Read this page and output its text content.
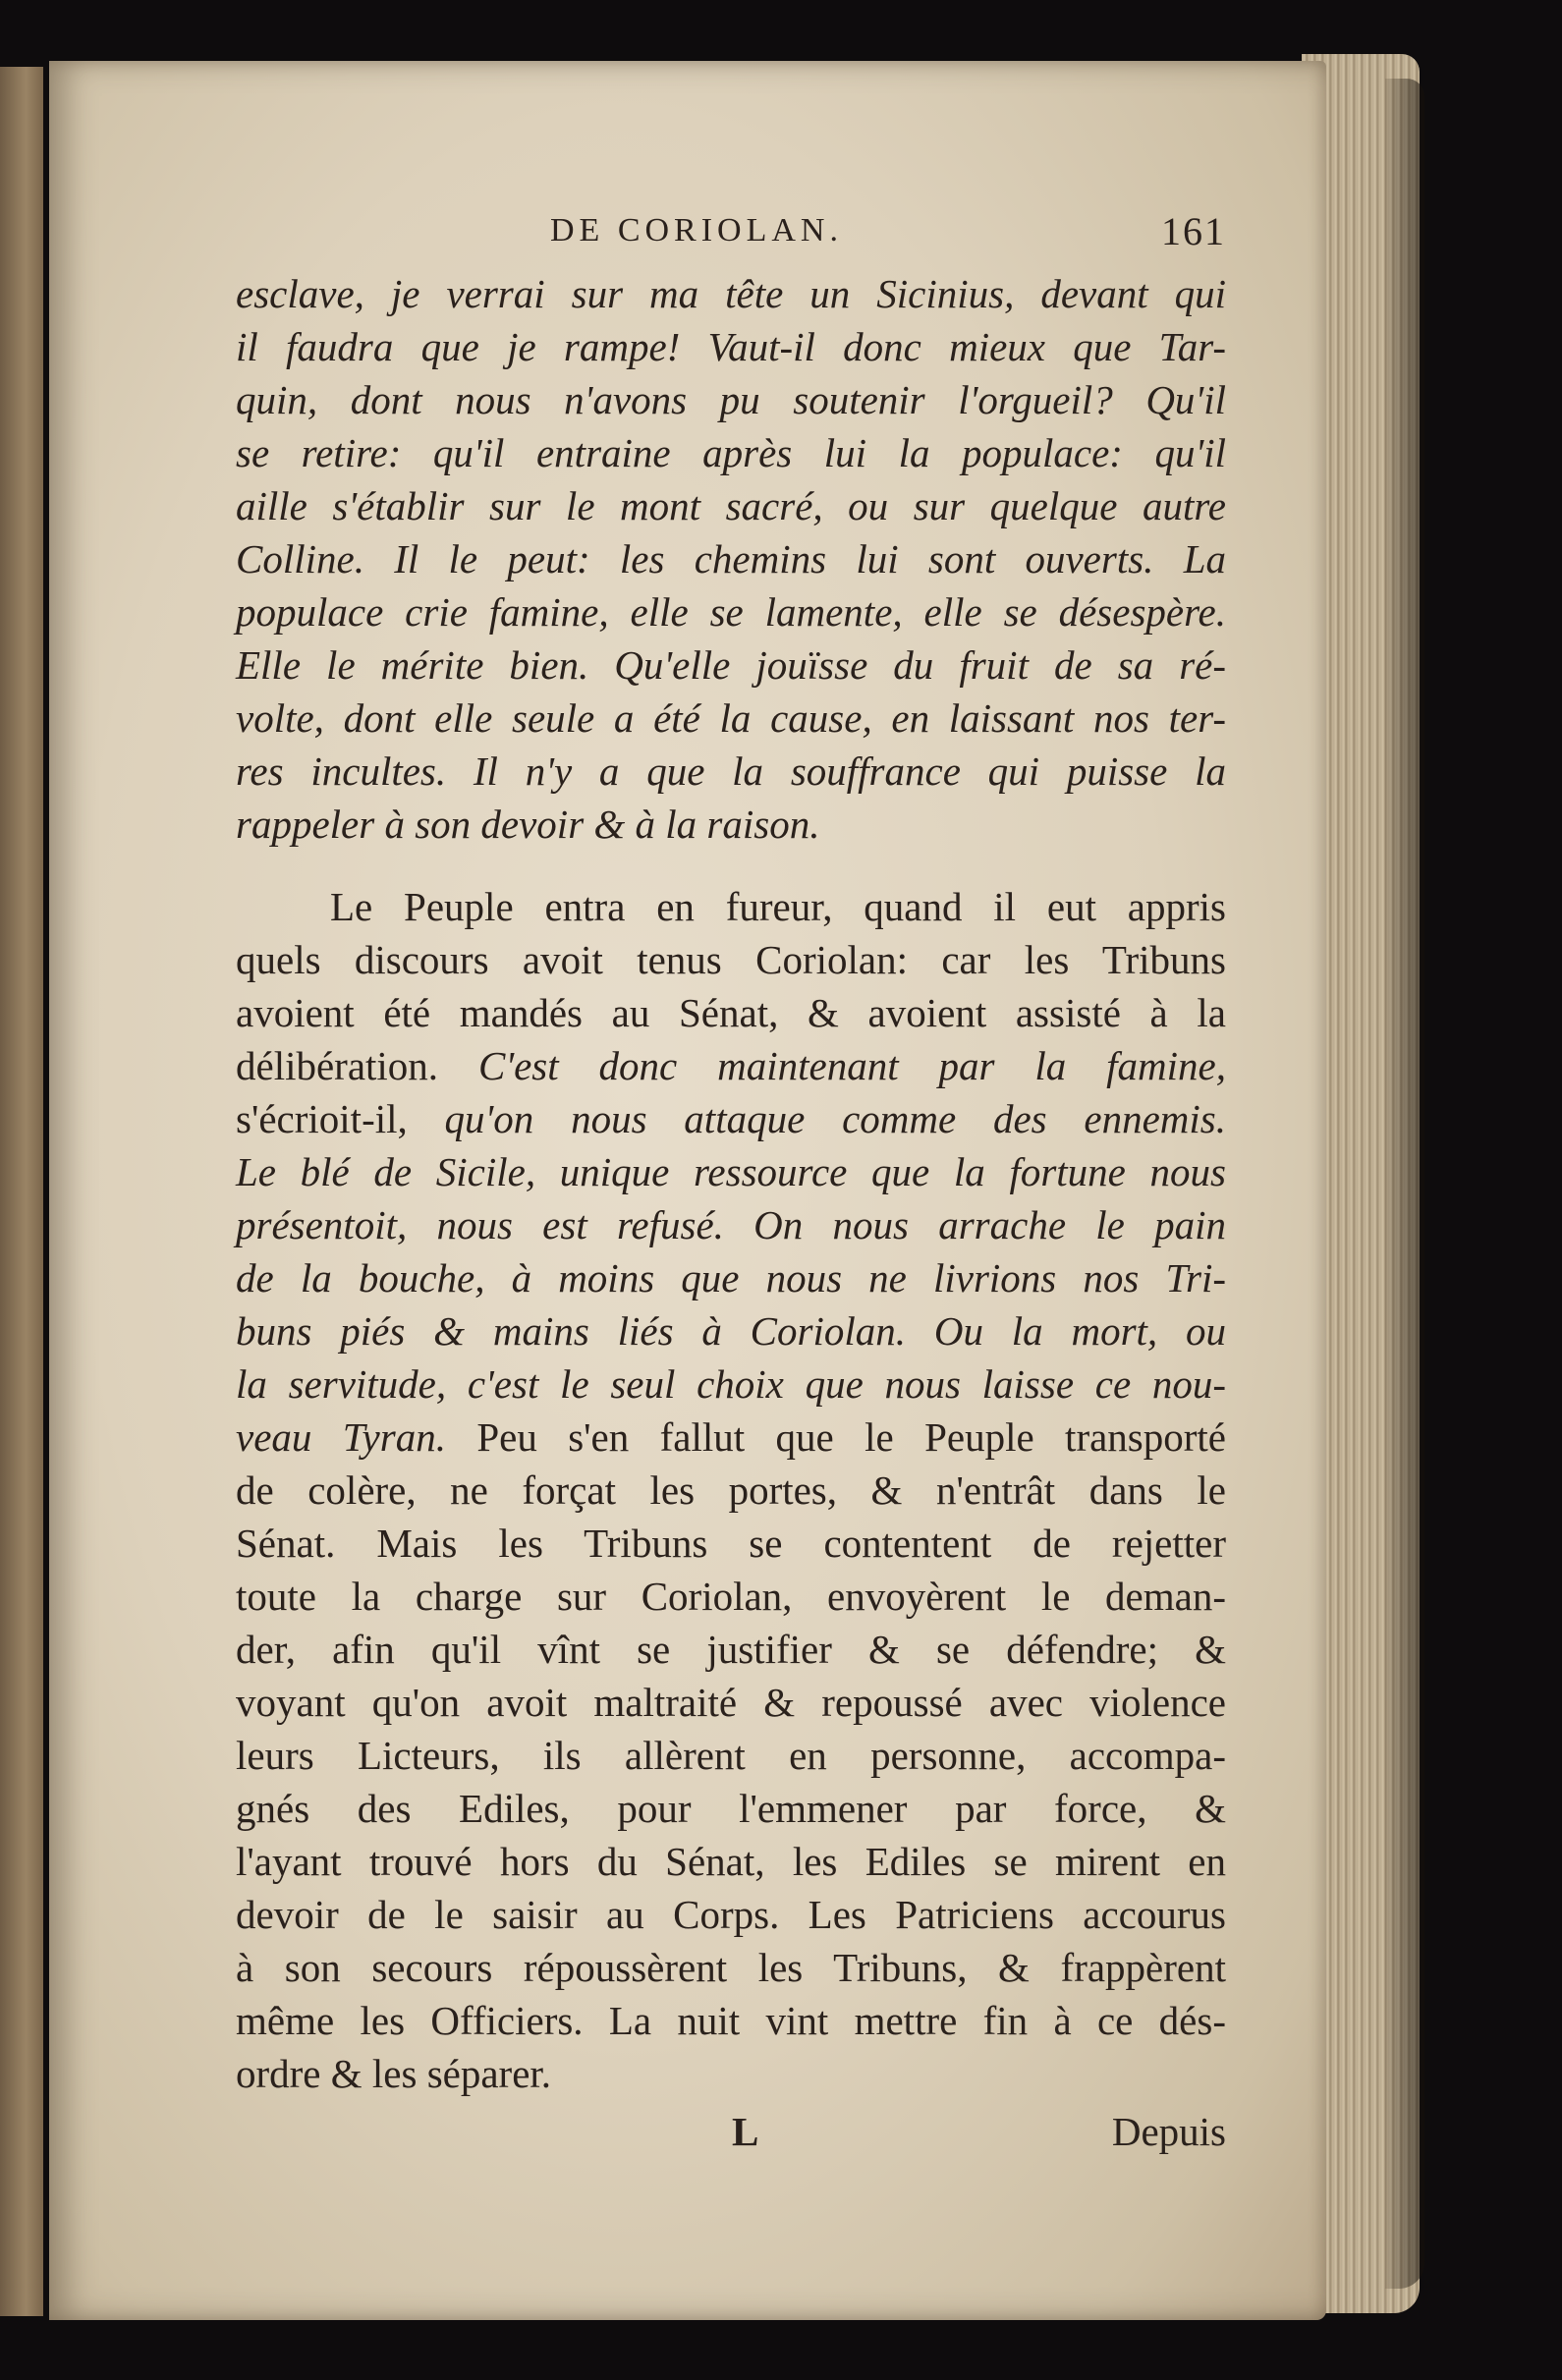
DE CORIOLAN.	161
esclave, je verrai sur ma tête un Sicinius, devant qui
il faudra que je rampe! Vaut-il donc mieux que Tar-
quin, dont nous n'avons pu soutenir l'orgueil? Qu'il
se retire: qu'il entraine après lui la populace: qu'il
aille s'établir sur le mont sacré, ou sur quelque autre
Colline. Il le peut: les chemins lui sont ouverts. La
populace crie famine, elle se lamente, elle se désespère.
Elle le mérite bien. Qu'elle jouïsse du fruit de sa ré-
volte, dont elle seule a été la cause, en laissant nos ter-
res incultes. Il n'y a que la souffrance qui puisse la
rappeler à son devoir & à la raison.
Le Peuple entra en fureur, quand il eut appris
quels discours avoit tenus Coriolan: car les Tribuns
avoient été mandés au Sénat, & avoient assisté à la
délibération. C'est donc maintenant par la famine,
s'écrioit-il, qu'on nous attaque comme des ennemis.
Le blé de Sicile, unique ressource que la fortune nous
présentoit, nous est refusé. On nous arrache le pain
de la bouche, à moins que nous ne livrions nos Tri-
buns piés & mains liés à Coriolan. Ou la mort, ou
la servitude, c'est le seul choix que nous laisse ce nou-
veau Tyran. Peu s'en fallut que le Peuple transporté
de colère, ne forçat les portes, & n'entrât dans le
Sénat. Mais les Tribuns se contentent de rejetter
toute la charge sur Coriolan, envoyèrent le deman-
der, afin qu'il vînt se justifier & se défendre; &
voyant qu'on avoit maltraité & repoussé avec violence
leurs Licteurs, ils allèrent en personne, accompa-
gnés des Ediles, pour l'emmener par force, &
l'ayant trouvé hors du Sénat, les Ediles se mirent en
devoir de le saisir au Corps. Les Patriciens accourus
à son secours répoussèrent les Tribuns, & frappèrent
même les Officiers. La nuit vint mettre fin à ce dés-
ordre & les séparer.
L	Depuis
